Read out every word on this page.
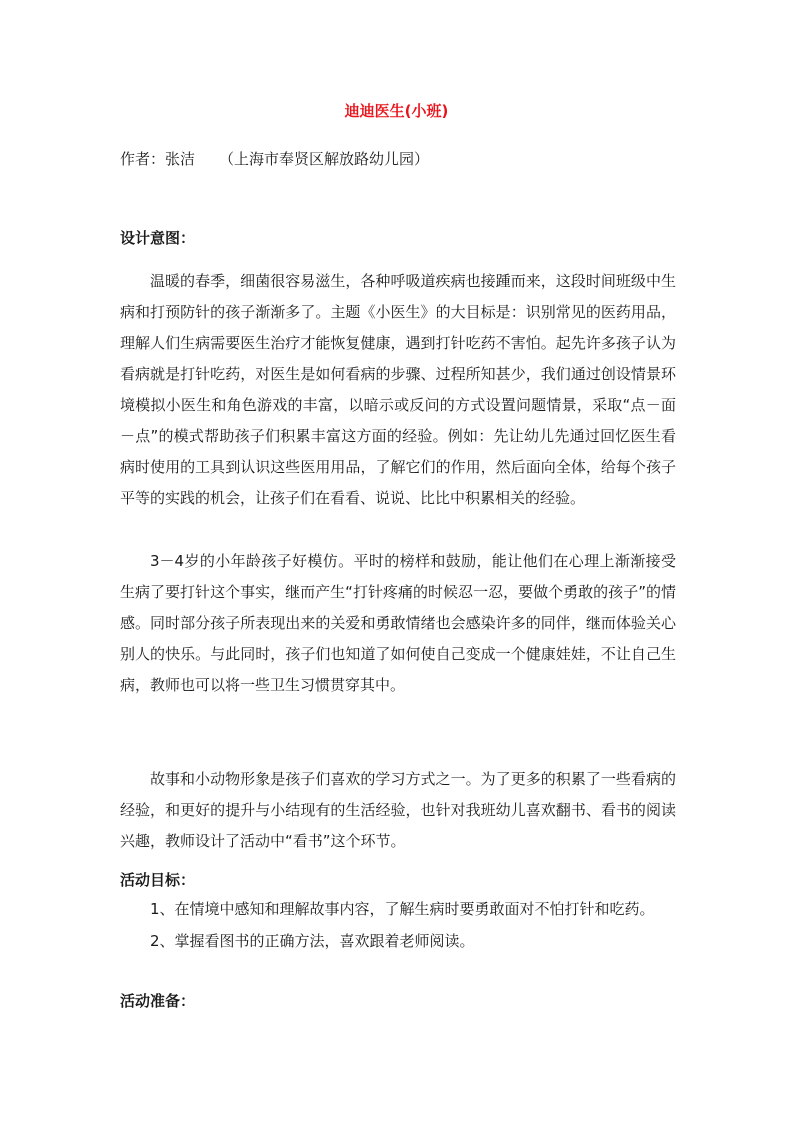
迪迪医生(小班)
作者：张洁 （上海市奉贤区解放路幼儿园）
设计意图：

温暖的春季，细菌很容易滋生，各种呼吸道疾病也接踵而来，这段时间班级中生病和打预防针的孩子渐渐多了。主题《小医生》的大目标是：识别常见的医药用品，理解人们生病需要医生治疗才能恢复健康，遇到打针吃药不害怕。起先许多孩子认为看病就是打针吃药，对医生是如何看病的步骤、过程所知甚少，我们通过创设情景环境模拟小医生和角色游戏的丰富，以暗示或反问的方式设置问题情景，采取“点－面－点”的模式帮助孩子们积累丰富这方面的经验。例如：先让幼儿先通过回忆医生看病时使用的工具到认识这些医用用品，了解它们的作用，然后面向全体，给每个孩子平等的实践的机会，让孩子们在看看、说说、比比中积累相关的经验。

3－4岁的小年龄孩子好模仿。平时的榜样和鼓励，能让他们在心理上渐渐接受生病了要打针这个事实，继而产生“打针疼痛的时候忍一忍，要做个勇敢的孩子”的情感。同时部分孩子所表现出来的关爱和勇敢情绪也会感染许多的同伴，继而体验关心别人的快乐。与此同时，孩子们也知道了如何使自己变成一个健康娃娃，不让自己生病，教师也可以将一些卫生习惯贯穿其中。

故事和小动物形象是孩子们喜欢的学习方式之一。为了更多的积累了一些看病的经验，和更好的提升与小结现有的生活经验，也针对我班幼儿喜欢翻书、看书的阅读兴趣，教师设计了活动中“看书”这个环节。

活动目标：
1、在情境中感知和理解故事内容，了解生病时要勇敢面对不怕打针和吃药。
2、掌握看图书的正确方法，喜欢跟着老师阅读。
活动准备：
